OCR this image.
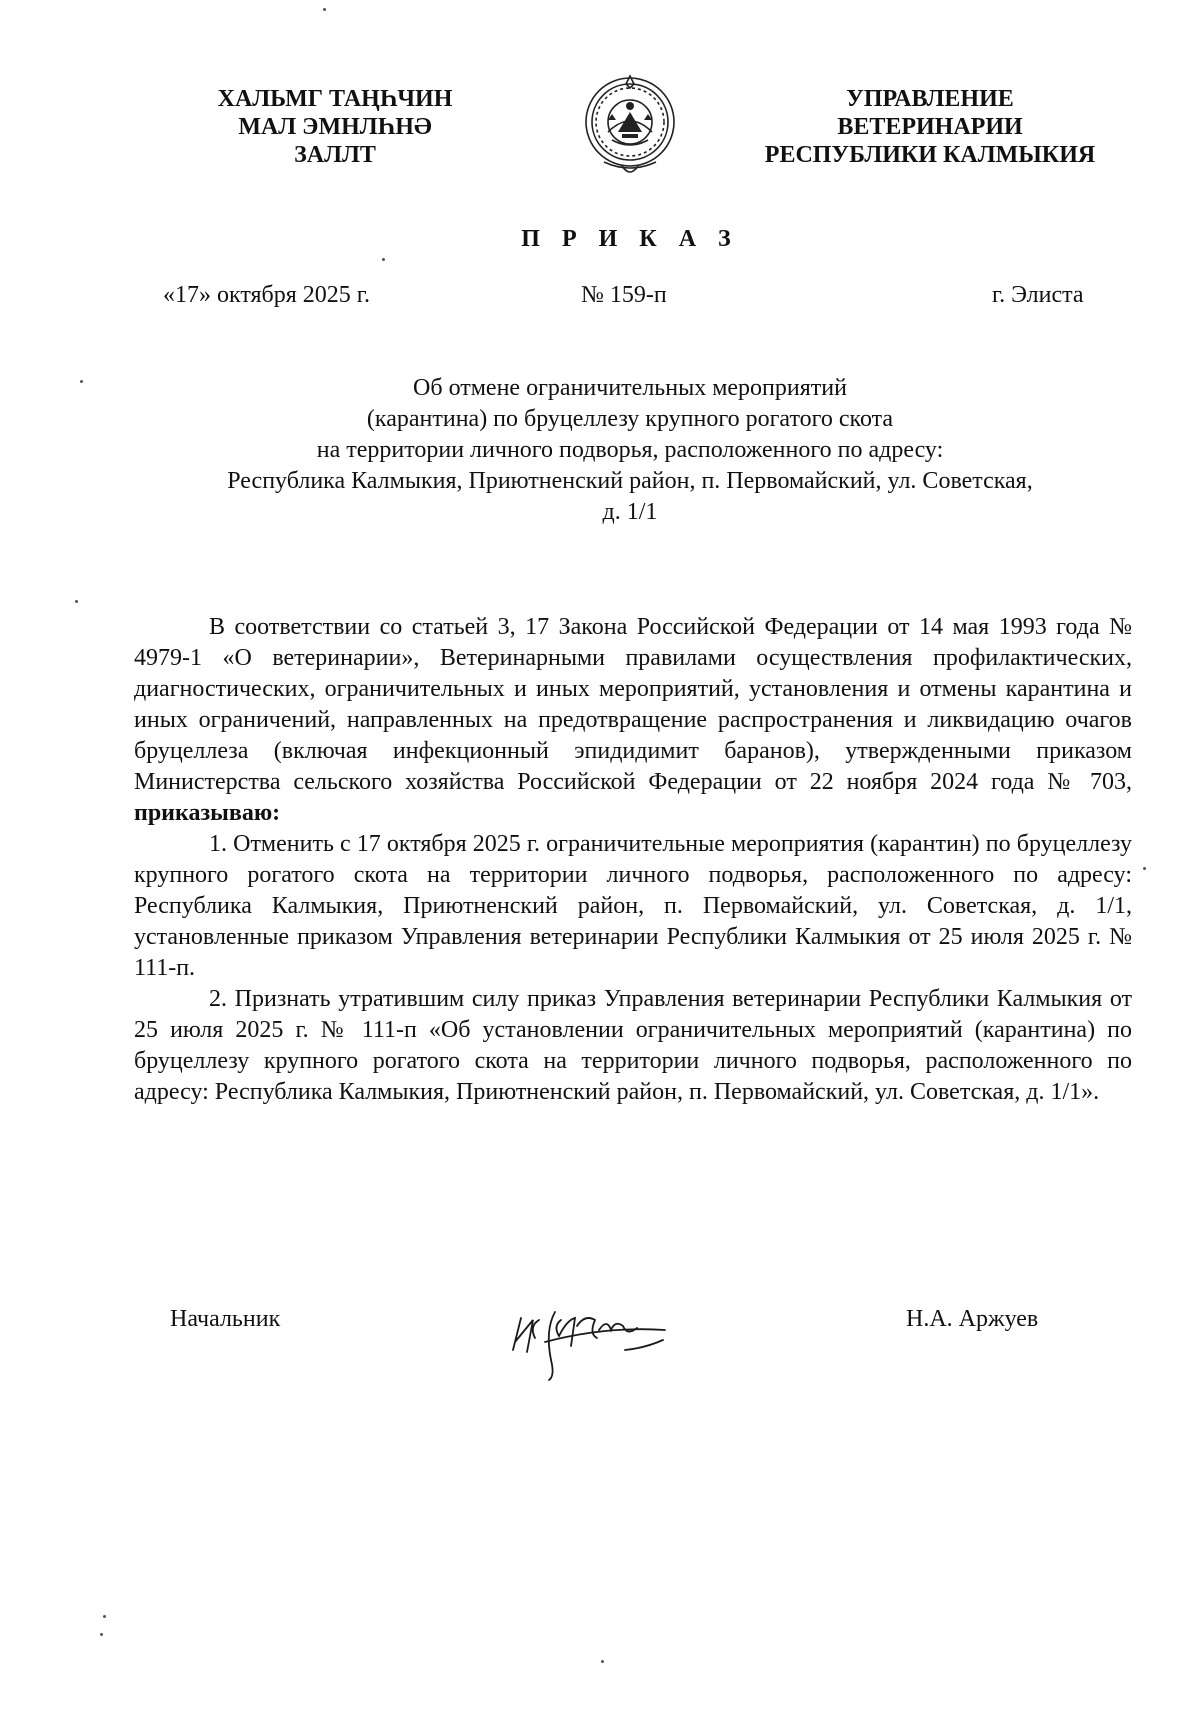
ХАЛЬМГ ТАҢҺЧИН
МАЛ ЭМНЛҺНӘ
ЗАЛЛТ
УПРАВЛЕНИЕ
ВЕТЕРИНАРИИ
РЕСПУБЛИКИ КАЛМЫКИЯ
П Р И К А З
«17» октября 2025 г.	№ 159-п	г. Элиста
Об отмене ограничительных мероприятий
(карантина) по бруцеллезу крупного рогатого скота
на территории личного подворья, расположенного по адресу:
Республика Калмыкия, Приютненский район, п. Первомайский, ул. Советская,
д. 1/1

В соответствии со статьей 3, 17 Закона Российской Федерации от 14 мая 1993 года № 4979-1 «О ветеринарии», Ветеринарными правилами осуществления профилактических, диагностических, ограничительных и иных мероприятий, установления и отмены карантина и иных ограничений, направленных на предотвращение распространения и ликвидацию очагов бруцеллеза (включая инфекционный эпидидимит баранов), утвержденными приказом Министерства сельского хозяйства Российской Федерации от 22 ноября 2024 года № 703, приказываю:

1. Отменить с 17 октября 2025 г. ограничительные мероприятия (карантин) по бруцеллезу крупного рогатого скота на территории личного подворья, расположенного по адресу: Республика Калмыкия, Приютненский район, п. Первомайский, ул. Советская, д. 1/1, установленные приказом Управления ветеринарии Республики Калмыкия от 25 июля 2025 г. № 111-п.

2. Признать утратившим силу приказ Управления ветеринарии Республики Калмыкия от 25 июля 2025 г. № 111-п «Об установлении ограничительных мероприятий (карантина) по бруцеллезу крупного рогатого скота на территории личного подворья, расположенного по адресу: Республика Калмыкия, Приютненский район, п. Первомайский, ул. Советская, д. 1/1».

Начальник	Н.А. Аржуев
